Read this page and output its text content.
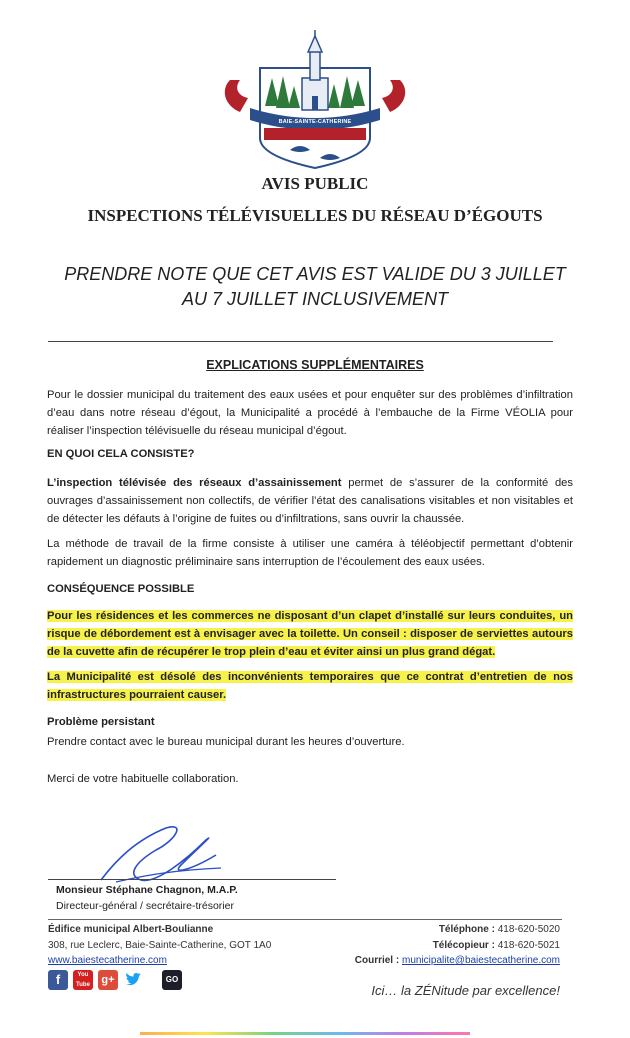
BAIE-SAINTE-CATHERINE
AVIS PUBLIC
INSPECTIONS TÉLÉVISUELLES DU RÉSEAU D’ÉGOUTS
PRENDRE NOTE QUE CET AVIS EST VALIDE DU 3 JUILLET
AU 7 JUILLET INCLUSIVEMENT
EXPLICATIONS SUPPLÉMENTAIRES
Pour le dossier municipal du traitement des eaux usées et pour enquêter sur des problèmes d’infiltration d’eau dans notre réseau d’égout, la Municipalité a procédé à l’embauche de la Firme VÉOLIA pour réaliser l’inspection télévisuelle du réseau municipal d’égout.
EN QUOI CELA CONSISTE?
L’inspection télévisée des réseaux d’assainissement permet de s’assurer de la conformité des ouvrages d’assainissement non collectifs, de vérifier l’état des canalisations visitables et non visitables et de détecter les défauts à l’origine de fuites ou d’infiltrations, sans ouvrir la chaussée.
La méthode de travail de la firme consiste à utiliser une caméra à téléobjectif permettant d’obtenir rapidement un diagnostic préliminaire sans interruption de l’écoulement des eaux usées.
CONSÉQUENCE POSSIBLE
Pour les résidences et les commerces ne disposant d’un clapet d’installé sur leurs conduites, un risque de débordement est à envisager avec la toilette. Un conseil : disposer de serviettes autours de la cuvette afin de récupérer le trop plein d’eau et éviter ainsi un plus grand dégat.
La Municipalité est désolé des inconvénients temporaires que ce contrat d’entretien de nos infrastructures pourraient causer.
Problème persistant
Prendre contact avec le bureau municipal durant les heures d’ouverture.
Merci de votre habituelle collaboration.
Monsieur Stéphane Chagnon, M.A.P.
Directeur-général / secrétaire-trésorier
Édifice municipal Albert-Boulianne
308, rue Leclerc, Baie-Sainte-Catherine, GOT 1A0
www.baiestecatherine.com
Téléphone : 418-620-5020
Télécopieur : 418-620-5021
Courriel : municipalite@baiestecatherine.com
f	You Tube	g+	GO
Ici… la ZÉNitude par excellence!
